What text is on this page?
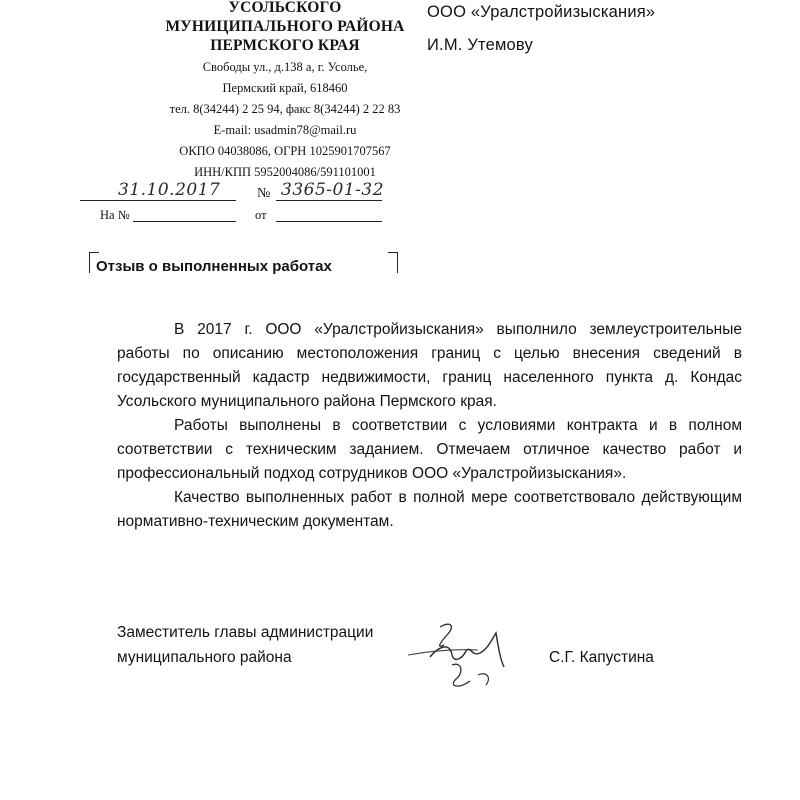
УСОЛЬСКОГО
МУНИЦИПАЛЬНОГО РАЙОНА
ПЕРМСКОГО КРАЯ
Свободы ул., д.138 а, г. Усолье,
Пермский край, 618460
тел. 8(34244) 2 25 94, факс 8(34244) 2 22 83
E-mail: usadmin78@mail.ru
ОКПО 04038086, ОГРН 1025901707567
ИНН/КПП 5952004086/591101001
ООО «Уралстройизыскания»
И.М. Утемову
31.10.2017	№ 3365-01-32
На №	от
Отзыв о выполненных работах

В 2017 г. ООО «Уралстройизыскания» выполнило землеустроительные работы по описанию местоположения границ с целью внесения сведений в государственный кадастр недвижимости, границ населенного пункта д. Кондас Усольского муниципального района Пермского края.

Работы выполнены в соответствии с условиями контракта и в полном соответствии с техническим заданием. Отмечаем отличное качество работ и профессиональный подход сотрудников ООО «Уралстройизыскания».

Качество выполненных работ в полной мере соответствовало действующим нормативно-техническим документам.

Заместитель главы администрации
муниципального района	С.Г. Капустина
